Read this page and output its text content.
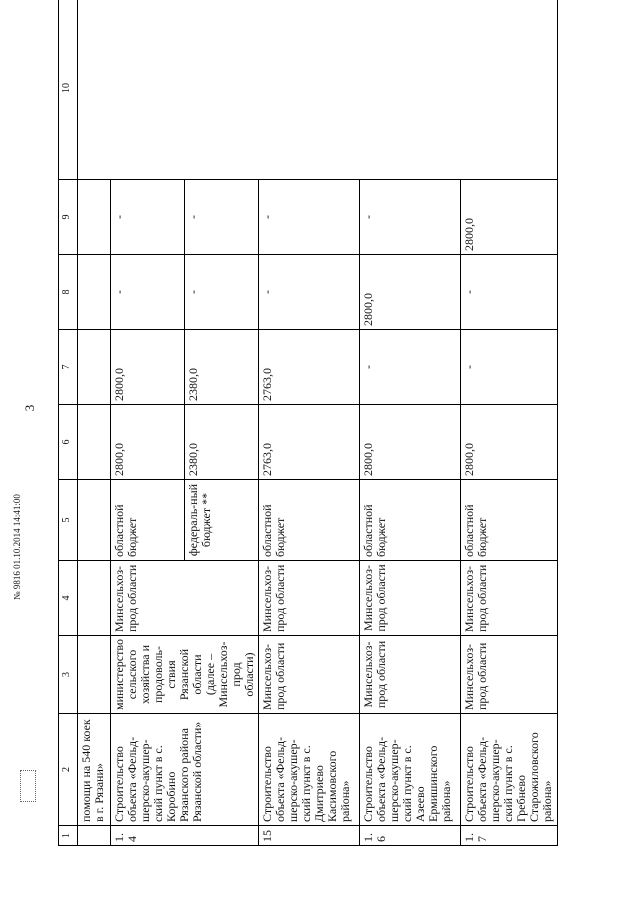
3
1	2	3	4	5	6	7	8	9	10
	помощи на 540 коек в г. Рязани»								
1.4	Строительство объекта «Фельд-шерско-акушер-ский пункт в с. Коробино Рязанского района Рязанской области»	министерство сельского хозяйства и продоволь-ствия Рязанской области (далее – Минсельхоз-прод области)	Минсельхоз-прод области	областной бюджет	2800,0	2800,0	-	-	
				федераль-ный бюджет **	2380,0	2380,0	-	-	
15	Строительство объекта «Фельд-шерско-акушер-ский пункт в с. Дмитриево Касимовского района»	Минсельхоз-прод области	Минсельхоз-прод области	областной бюджет	2763,0	2763,0	-	-	
1.6	Строительство объекта «Фельд-шерско-акушер-ский пункт в с. Азеево Ермишинского района»	Минсельхоз-прод области	Минсельхоз-прод области	областной бюджет	2800,0	-	2800,0	-	
1.7	Строительство объекта «Фельд-шерско-акушер-ский пункт в с. Гребнево Старожиловского района»	Минсельхоз-прод области	Минсельхоз-прод области	областной бюджет	2800,0	-	-	2800,0	
№ 9816 01.10.2014 14:41:00
